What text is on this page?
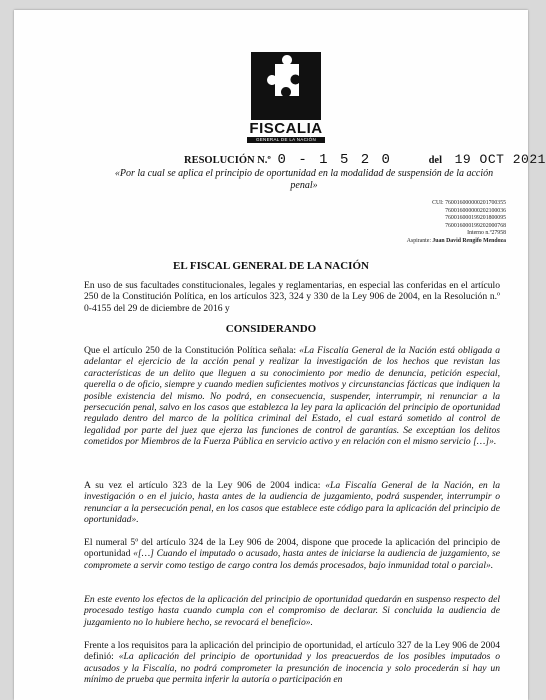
FISCALIA
GENERAL DE LA NACIÓN
RESOLUCIÓN N.º 0 - 1 5 2 0	del 19 OCT 2021
«Por la cual se aplica el principio de oportunidad en la modalidad de suspensión de la acción penal»
CUI: 760016000000201700355
760016000000202100036
760016000199201800095
760016000199202000768
Interno n.º27958
Aspirante: Juan David Rengifo Mendoza
EL FISCAL GENERAL DE LA NACIÓN

En uso de sus facultades constitucionales, legales y reglamentarias, en especial las conferidas en el artículo 250 de la Constitución Política, en los artículos 323, 324 y 330 de la Ley 906 de 2004, en la Resolución n.º 0-4155 del 29 de diciembre de 2016 y

CONSIDERANDO

Que el artículo 250 de la Constitución Política señala: «La Fiscalía General de la Nación está obligada a adelantar el ejercicio de la acción penal y realizar la investigación de los hechos que revistan las características de un delito que lleguen a su conocimiento por medio de denuncia, petición especial, querella o de oficio, siempre y cuando medien suficientes motivos y circunstancias fácticas que indiquen la posible existencia del mismo. No podrá, en consecuencia, suspender, interrumpir, ni renunciar a la persecución penal, salvo en los casos que establezca la ley para la aplicación del principio de oportunidad regulado dentro del marco de la política criminal del Estado, el cual estará sometido al control de legalidad por parte del juez que ejerza las funciones de control de garantías. Se exceptúan los delitos cometidos por Miembros de la Fuerza Pública en servicio activo y en relación con el mismo servicio […]».

A su vez el artículo 323 de la Ley 906 de 2004 indica: «La Fiscalía General de la Nación, en la investigación o en el juicio, hasta antes de la audiencia de juzgamiento, podrá suspender, interrumpir o renunciar a la persecución penal, en los casos que establece este código para la aplicación del principio de oportunidad».

El numeral 5º del artículo 324 de la Ley 906 de 2004, dispone que procede la aplicación del principio de oportunidad «[…] Cuando el imputado o acusado, hasta antes de iniciarse la audiencia de juzgamiento, se compromete a servir como testigo de cargo contra los demás procesados, bajo inmunidad total o parcial».

En este evento los efectos de la aplicación del principio de oportunidad quedarán en suspenso respecto del procesado testigo hasta cuando cumpla con el compromiso de declarar. Si concluida la audiencia de juzgamiento no lo hubiere hecho, se revocará el beneficio».

Frente a los requisitos para la aplicación del principio de oportunidad, el artículo 327 de la Ley 906 de 2004 definió: «La aplicación del principio de oportunidad y los preacuerdos de los posibles imputados o acusados y la Fiscalía, no podrá comprometer la presunción de inocencia y solo procederán si hay un mínimo de prueba que permita inferir la autoría o participación en
